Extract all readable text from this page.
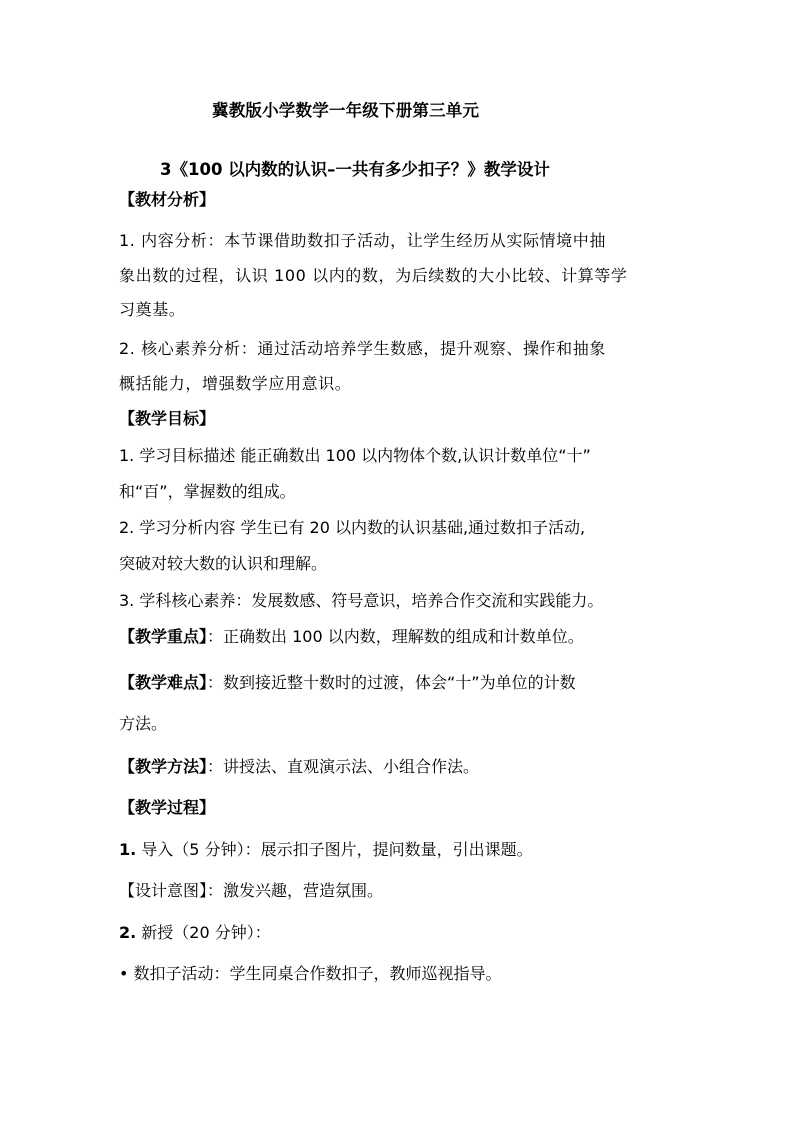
冀教版小学数学一年级下册第三单元
3《100 以内数的认识–一共有多少扣子？》教学设计
【教材分析】
1. 内容分析：本节课借助数扣子活动，让学生经历从实际情境中抽
象出数的过程，认识 100 以内的数，为后续数的大小比较、计算等学
习奠基。
2. 核心素养分析：通过活动培养学生数感，提升观察、操作和抽象
概括能力，增强数学应用意识。
【教学目标】
1. 学习目标描述 能正确数出 100 以内物体个数,认识计数单位“十”
和“百”，掌握数的组成。
2. 学习分析内容 学生已有 20 以内数的认识基础,通过数扣子活动,
突破对较大数的认识和理解。
3. 学科核心素养：发展数感、符号意识，培养合作交流和实践能力。
【教学重点】：正确数出 100 以内数，理解数的组成和计数单位。
【教学难点】：数到接近整十数时的过渡，体会“十”为单位的计数
方法。
【教学方法】：讲授法、直观演示法、小组合作法。
【教学过程】
1. 导入（5 分钟）：展示扣子图片，提问数量，引出课题。
【设计意图】：激发兴趣，营造氛围。
2. 新授（20 分钟）：
• 数扣子活动：学生同桌合作数扣子，教师巡视指导。
